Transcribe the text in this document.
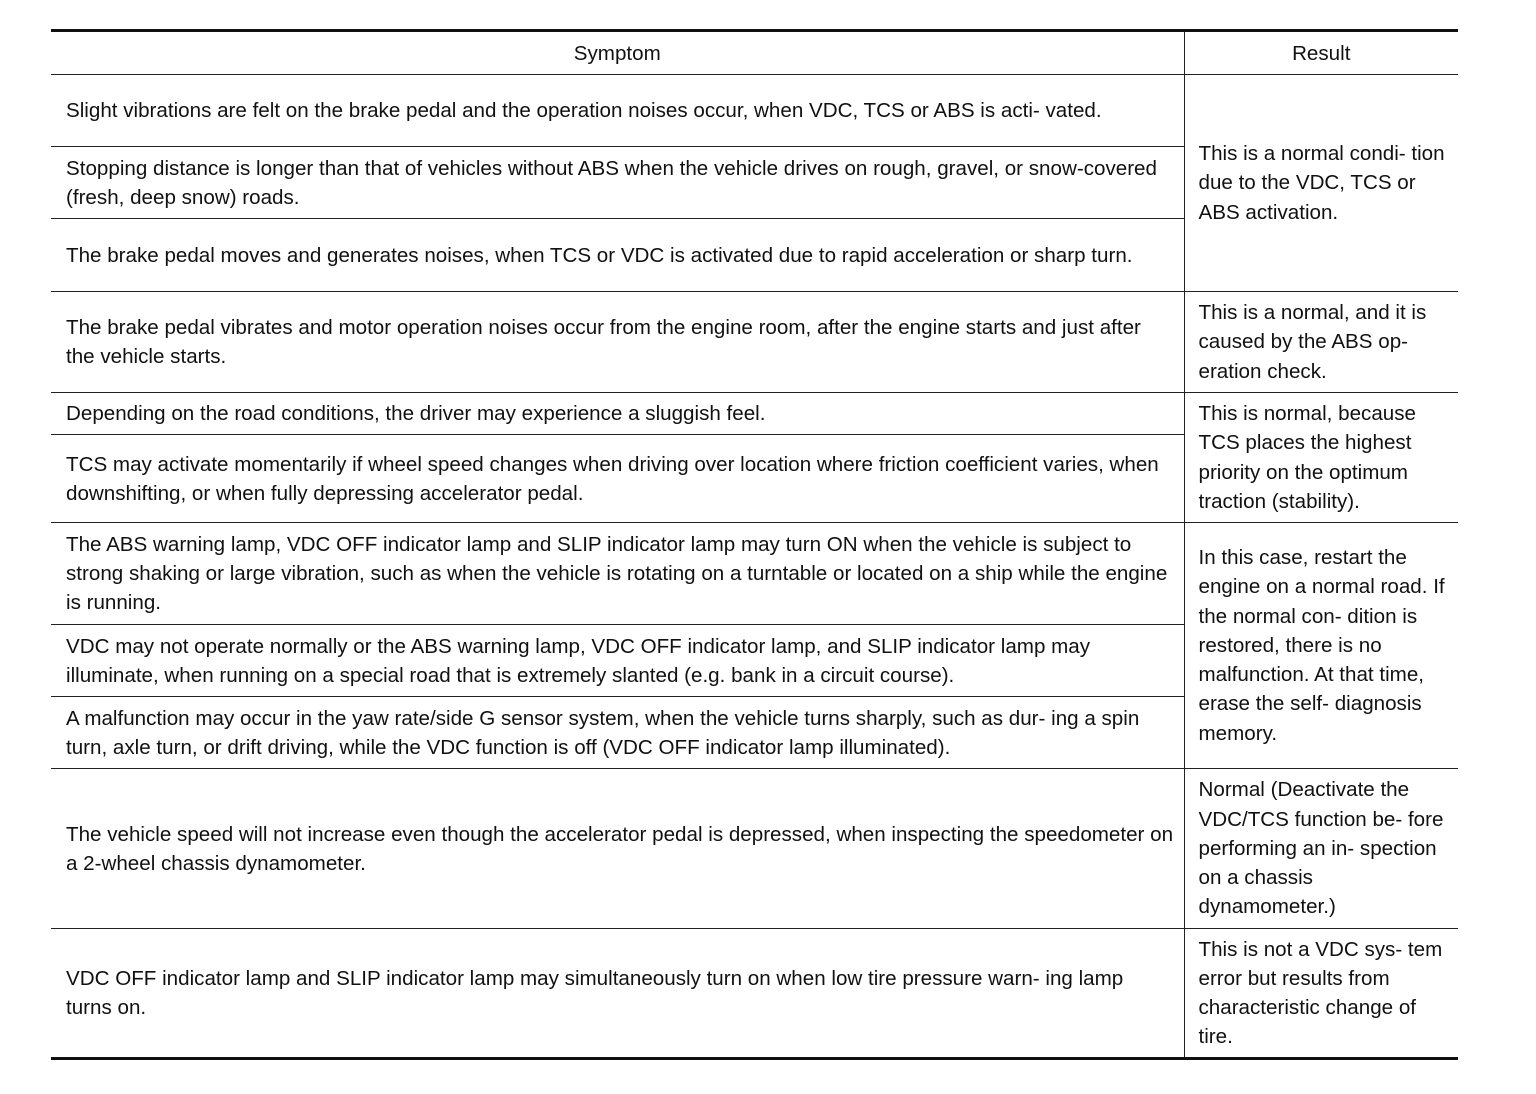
Symptom	Result
Slight vibrations are felt on the brake pedal and the operation noises occur, when VDC, TCS or ABS is acti- vated.	This is a normal condi- tion due to the VDC, TCS or ABS activation.
Stopping distance is longer than that of vehicles without ABS when the vehicle drives on rough, gravel, or snow-covered (fresh, deep snow) roads.	
The brake pedal moves and generates noises, when TCS or VDC is activated due to rapid acceleration or sharp turn.	
The brake pedal vibrates and motor operation noises occur from the engine room, after the engine starts and just after the vehicle starts.	This is a normal, and it is caused by the ABS op- eration check.
Depending on the road conditions, the driver may experience a sluggish feel.	This is normal, because TCS places the highest priority on the optimum traction (stability).
TCS may activate momentarily if wheel speed changes when driving over location where friction coefficient varies, when downshifting, or when fully depressing accelerator pedal.	
The ABS warning lamp, VDC OFF indicator lamp and SLIP indicator lamp may turn ON when the vehicle is subject to strong shaking or large vibration, such as when the vehicle is rotating on a turntable or located on a ship while the engine is running.	In this case, restart the engine on a normal road. If the normal con- dition is restored, there is no malfunction. At that time, erase the self- diagnosis memory.
VDC may not operate normally or the ABS warning lamp, VDC OFF indicator lamp, and SLIP indicator lamp may illuminate, when running on a special road that is extremely slanted (e.g. bank in a circuit course).	
A malfunction may occur in the yaw rate/side G sensor system, when the vehicle turns sharply, such as dur- ing a spin turn, axle turn, or drift driving, while the VDC function is off (VDC OFF indicator lamp illuminated).	
The vehicle speed will not increase even though the accelerator pedal is depressed, when inspecting the speedometer on a 2-wheel chassis dynamometer.	Normal (Deactivate the VDC/TCS function be- fore performing an in- spection on a chassis dynamometer.)
VDC OFF indicator lamp and SLIP indicator lamp may simultaneously turn on when low tire pressure warn- ing lamp turns on.	This is not a VDC sys- tem error but results from characteristic change of tire.
